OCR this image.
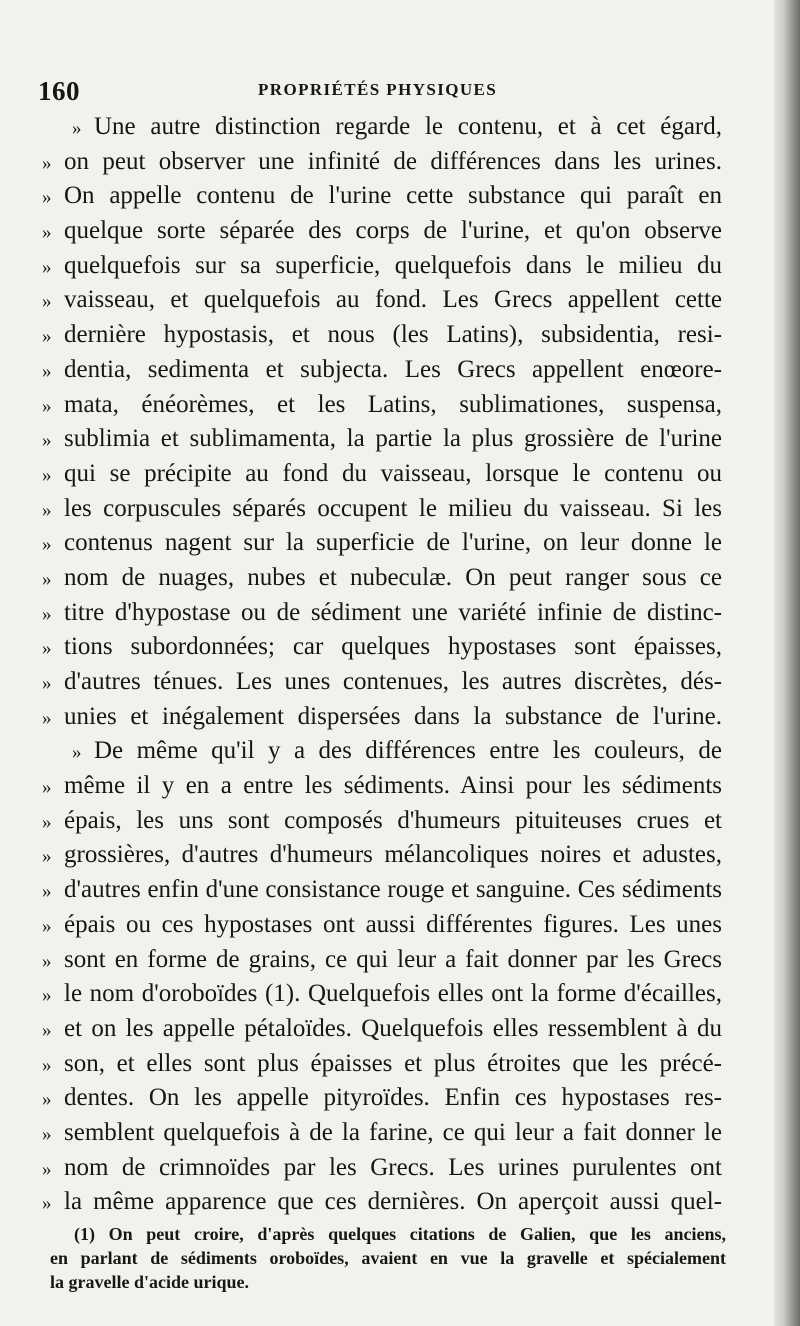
160	PROPRIÉTÉS PHYSIQUES
» Une autre distinction regarde le contenu, et à cet égard,
» on peut observer une infinité de différences dans les urines.
» On appelle contenu de l'urine cette substance qui paraît en
» quelque sorte séparée des corps de l'urine, et qu'on observe
» quelquefois sur sa superficie, quelquefois dans le milieu du
» vaisseau, et quelquefois au fond. Les Grecs appellent cette
» dernière hypostasis, et nous (les Latins), subsidentia, resi-
» dentia, sedimenta et subjecta. Les Grecs appellent enœore-
» mata, énéorèmes, et les Latins, sublimationes, suspensa,
» sublimia et sublimamenta, la partie la plus grossière de l'urine
» qui se précipite au fond du vaisseau, lorsque le contenu ou
» les corpuscules séparés occupent le milieu du vaisseau. Si les
» contenus nagent sur la superficie de l'urine, on leur donne le
» nom de nuages, nubes et nubeculæ. On peut ranger sous ce
» titre d'hypostase ou de sédiment une variété infinie de distinc-
» tions subordonnées; car quelques hypostases sont épaisses,
» d'autres ténues. Les unes contenues, les autres discrètes, dés-
» unies et inégalement dispersées dans la substance de l'urine.
» De même qu'il y a des différences entre les couleurs, de
» même il y en a entre les sédiments. Ainsi pour les sédiments
» épais, les uns sont composés d'humeurs pituiteuses crues et
» grossières, d'autres d'humeurs mélancoliques noires et adustes,
» d'autres enfin d'une consistance rouge et sanguine. Ces sédiments
» épais ou ces hypostases ont aussi différentes figures. Les unes
» sont en forme de grains, ce qui leur a fait donner par les Grecs
» le nom d'oroboïdes (1). Quelquefois elles ont la forme d'écailles,
» et on les appelle pétaloïdes. Quelquefois elles ressemblent à du
» son, et elles sont plus épaisses et plus étroites que les précé-
» dentes. On les appelle pityroïdes. Enfin ces hypostases res-
» semblent quelquefois à de la farine, ce qui leur a fait donner le
» nom de crimnoïdes par les Grecs. Les urines purulentes ont
» la même apparence que ces dernières. On aperçoit aussi quel-
(1) On peut croire, d'après quelques citations de Galien, que les anciens,
en parlant de sédiments oroboïdes, avaient en vue la gravelle et spécialement
la gravelle d'acide urique.
